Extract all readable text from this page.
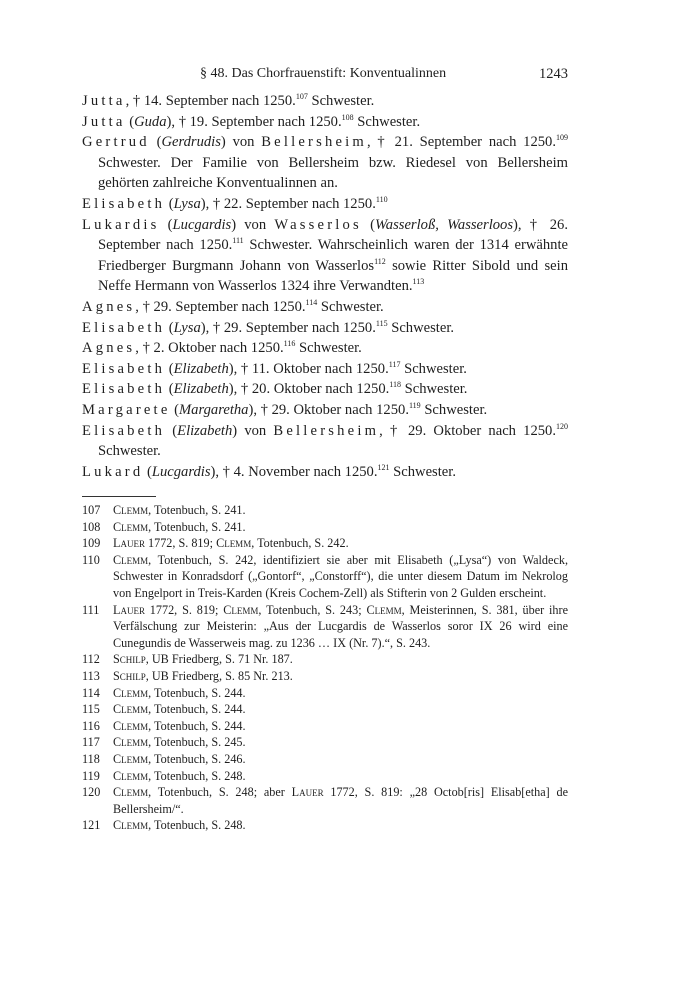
§ 48. Das Chorfrauenstift: Konventualinnen	1243
Jutta, † 14. September nach 1250.$^{107}$ Schwester.
Jutta (Guda), † 19. September nach 1250.$^{108}$ Schwester.
Gertrud (Gerdrudis) von Bellersheim, † 21. September nach 1250.$^{109}$ Schwester. Der Familie von Bellersheim bzw. Riedesel von Bellersheim gehörten zahlreiche Konventualinnen an.
Elisabeth (Lysa), † 22. September nach 1250.$^{110}$
Lukardis (Lucgardis) von Wasserlos (Wasserloß, Wasserloos), † 26. September nach 1250.$^{111}$ Schwester. Wahrscheinlich waren der 1314 erwähnte Friedberger Burgmann Johann von Wasserlos$^{112}$ sowie Ritter Sibold und sein Neffe Hermann von Wasserlos 1324 ihre Verwandten.$^{113}$
Agnes, † 29. September nach 1250.$^{114}$ Schwester.
Elisabeth (Lysa), † 29. September nach 1250.$^{115}$ Schwester.
Agnes, † 2. Oktober nach 1250.$^{116}$ Schwester.
Elisabeth (Elizabeth), † 11. Oktober nach 1250.$^{117}$ Schwester.
Elisabeth (Elizabeth), † 20. Oktober nach 1250.$^{118}$ Schwester.
Margarete (Margaretha), † 29. Oktober nach 1250.$^{119}$ Schwester.
Elisabeth (Elizabeth) von Bellersheim, † 29. Oktober nach 1250.$^{120}$ Schwester.
Lukard (Lucgardis), † 4. November nach 1250.$^{121}$ Schwester.
107 Clemm, Totenbuch, S. 241.
108 Clemm, Totenbuch, S. 241.
109 Lauer 1772, S. 819; Clemm, Totenbuch, S. 242.
110 Clemm, Totenbuch, S. 242, identifiziert sie aber mit Elisabeth („Lysa“) von Waldeck, Schwester in Konradsdorf („Gontorf“, „Constorff“), die unter diesem Datum im Nekrolog von Engelport in Treis-Karden (Kreis Cochem-Zell) als Stifterin von 2 Gulden erscheint.
111 Lauer 1772, S. 819; Clemm, Totenbuch, S. 243; Clemm, Meisterinnen, S. 381, über ihre Verfälschung zur Meisterin: „Aus der Lucgardis de Wasserlos soror IX 26 wird eine Cunegundis de Wasserweis mag. zu 1236 … IX (Nr. 7).“, S. 243.
112 Schilp, UB Friedberg, S. 71 Nr. 187.
113 Schilp, UB Friedberg, S. 85 Nr. 213.
114 Clemm, Totenbuch, S. 244.
115 Clemm, Totenbuch, S. 244.
116 Clemm, Totenbuch, S. 244.
117 Clemm, Totenbuch, S. 245.
118 Clemm, Totenbuch, S. 246.
119 Clemm, Totenbuch, S. 248.
120 Clemm, Totenbuch, S. 248; aber Lauer 1772, S. 819: „28 Octob[ris] Elisab[etha] de Bellersheim/“.
121 Clemm, Totenbuch, S. 248.
